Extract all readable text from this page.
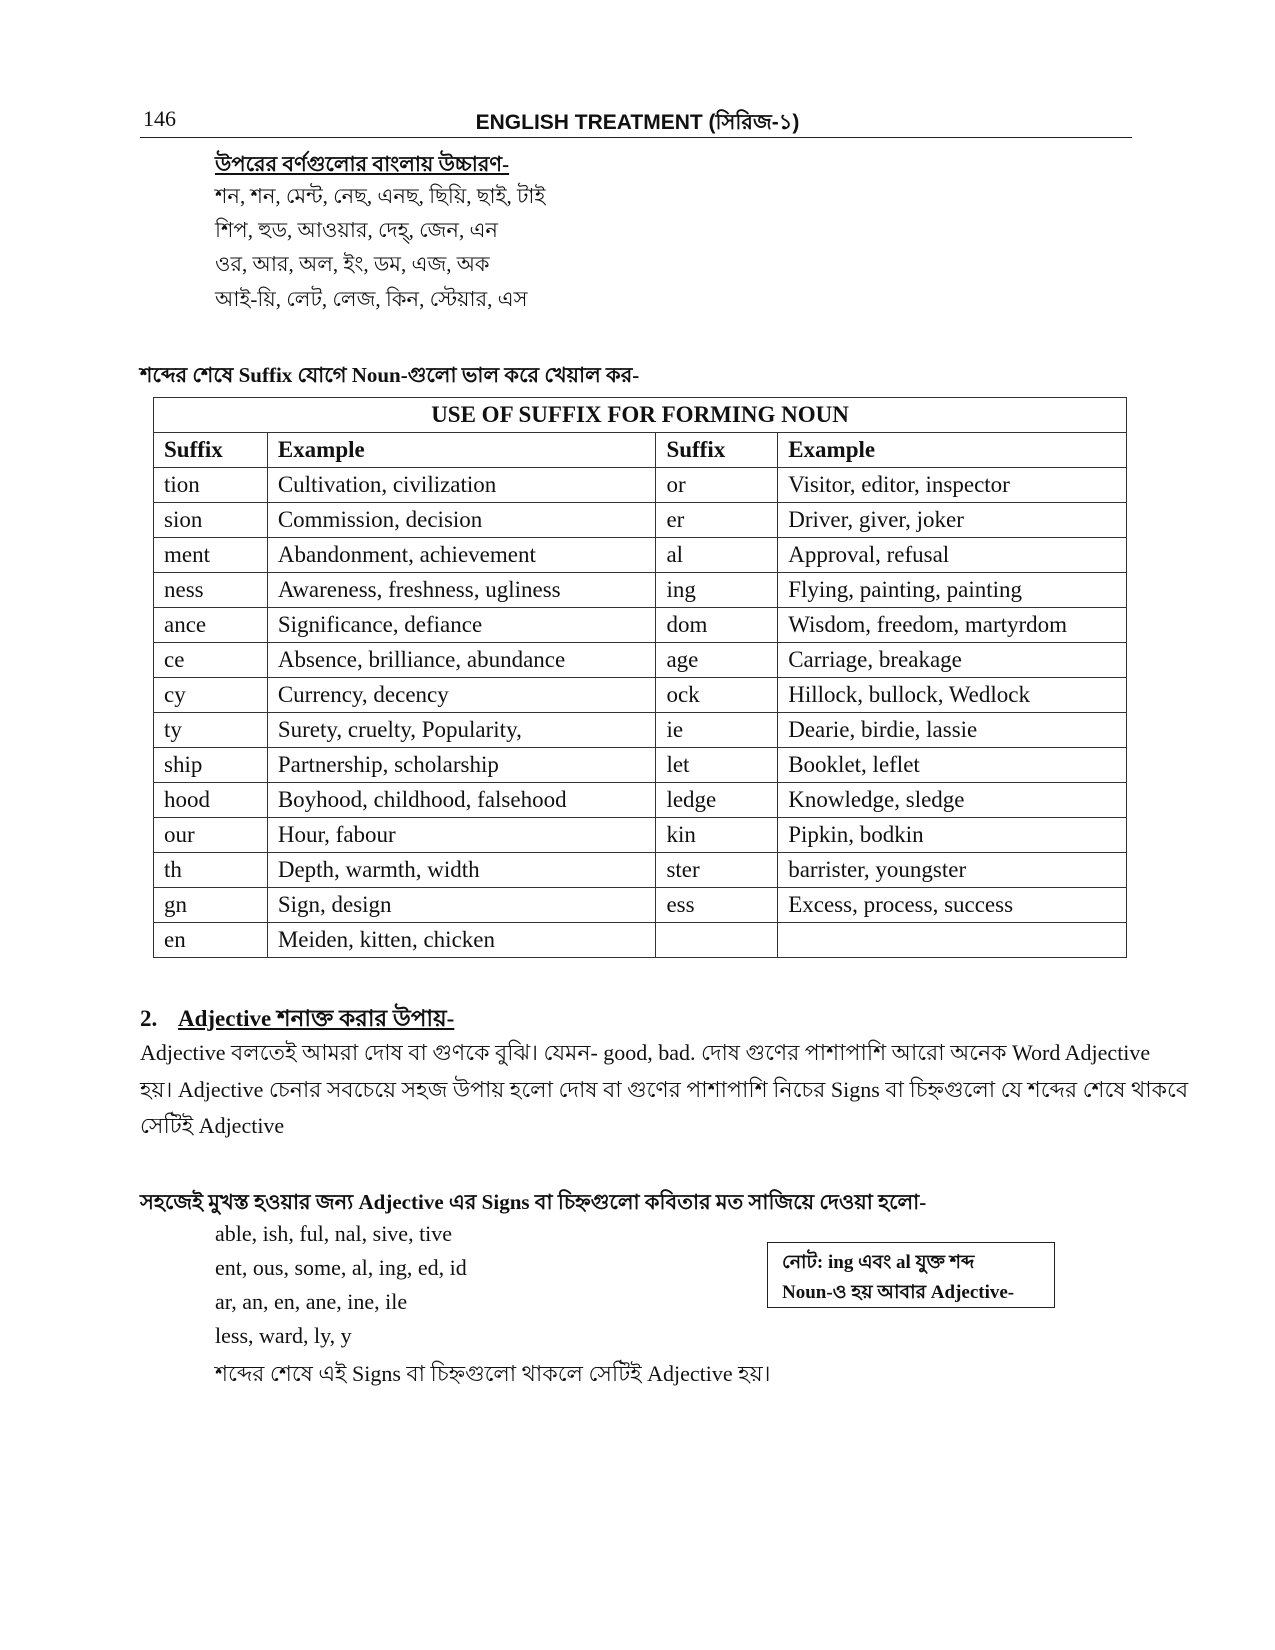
146	ENGLISH TREATMENT (সিরিজ-১)
উপরের বর্ণগুলোর বাংলায় উচ্চারণ-
শন, শন, মেন্ট, নেছ, এনছ, ছিয়ি, ছাই, টাই
শিপ, হুড, আওয়ার, দেহ্‌, জেন, এন
ওর, আর, অল, ইং, ডম, এজ, অক
আই-য়ি, লেট, লেজ, কিন, স্টেয়ার, এস
শব্দের শেষে Suffix যোগে Noun-গুলো ভাল করে খেয়াল কর-
USE OF SUFFIX FOR FORMING NOUN			
Suffix	Example	Suffix	Example
tion	Cultivation, civilization	or	Visitor, editor, inspector
sion	Commission, decision	er	Driver, giver, joker
ment	Abandonment, achievement	al	Approval, refusal
ness	Awareness, freshness, ugliness	ing	Flying, painting, painting
ance	Significance, defiance	dom	Wisdom, freedom, martyrdom
ce	Absence, brilliance, abundance	age	Carriage, breakage
cy	Currency, decency	ock	Hillock, bullock, Wedlock
ty	Surety, cruelty, Popularity,	ie	Dearie, birdie, lassie
ship	Partnership, scholarship	let	Booklet, leflet
hood	Boyhood, childhood, falsehood	ledge	Knowledge, sledge
our	Hour, fabour	kin	Pipkin, bodkin
th	Depth, warmth, width	ster	barrister, youngster
gn	Sign, design	ess	Excess, process, success
en	Meiden, kitten, chicken		
2. Adjective শনাক্ত করার উপায়-
Adjective বলতেই আমরা দোষ বা গুণকে বুঝি। যেমন- good, bad. দোষ গুণের পাশাপাশি আরো অনেক Word Adjective
হয়। Adjective চেনার সবচেয়ে সহজ উপায় হলো দোষ বা গুণের পাশাপাশি নিচের Signs বা চিহ্নগুলো যে শব্দের শেষে থাকবে
সেটিই Adjective
সহজেই মুখস্ত হওয়ার জন্য Adjective এর Signs বা চিহ্নগুলো কবিতার মত সাজিয়ে দেওয়া হলো-
able, ish, ful, nal, sive, tive
ent, ous, some, al, ing, ed, id
ar, an, en, ane, ine, ile
less, ward, ly, y
শব্দের শেষে এই Signs বা চিহ্নগুলো থাকলে সেটিই Adjective হয়।
নোট: ing এবং al যুক্ত শব্দ
Noun-ও হয় আবার Adjective-
